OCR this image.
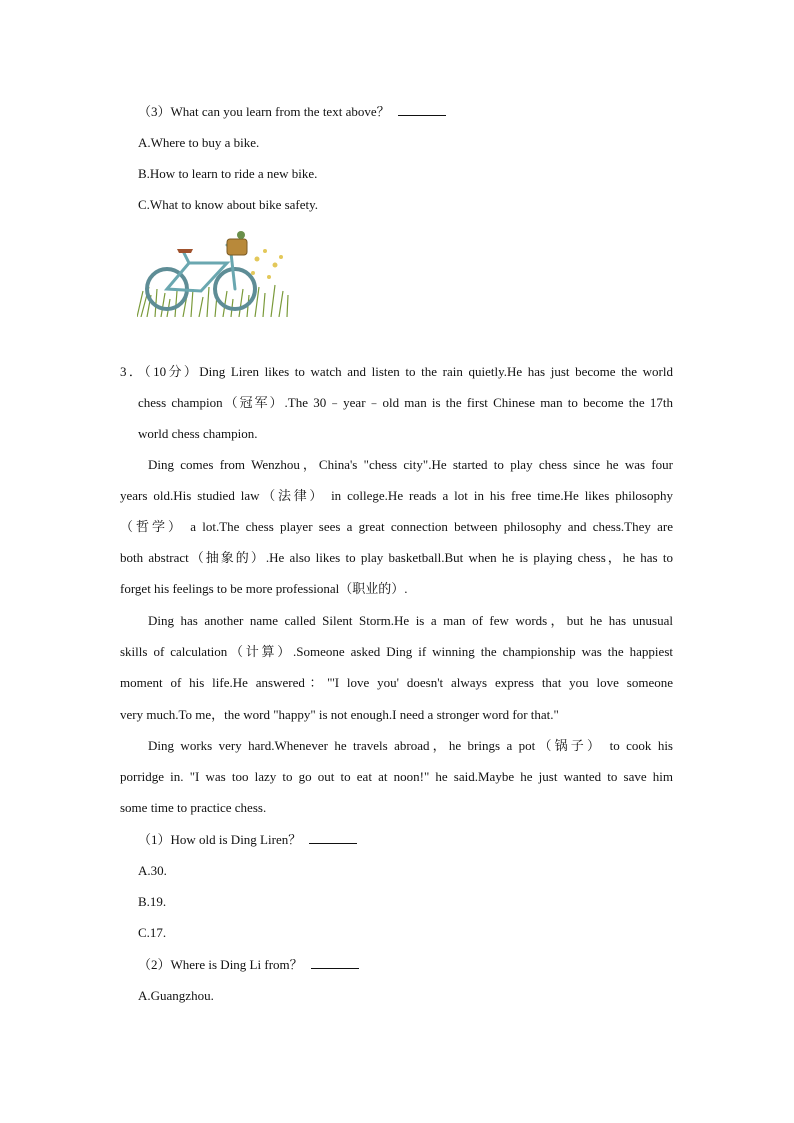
（3）What can you learn from the text above？
A.Where to buy a bike.
B.How to learn to ride a new bike.
C.What to know about bike safety.
3．（10分）Ding Liren likes to watch and listen to the rain quietly.He has just become the world
chess champion（冠军）.The 30﹣year﹣old man is the first Chinese man to become the 17th
world chess champion.
Ding comes from Wenzhou，China's "chess city".He started to play chess since he was four
years old.His studied law（法律） in college.He reads a lot in his free time.He likes philosophy
（哲学） a lot.The chess player sees a great connection between philosophy and chess.They are
both abstract（抽象的）.He also likes to play basketball.But when he is playing chess，he has to
forget his feelings to be more professional（职业的）.
Ding has another name called Silent Storm.He is a man of few words，but he has unusual
skills of calculation（计算）.Someone asked Ding if winning the championship was the happiest
moment of his life.He answered："'I love you' doesn't always express that you love someone
very much.To me，the word "happy" is not enough.I need a stronger word for that."
Ding works very hard.Whenever he travels abroad，he brings a pot（锅子） to cook his
porridge in. "I was too lazy to go out to eat at noon!" he said.Maybe he just wanted to save him
some time to practice chess.
（1）How old is Ding Liren？
A.30.
B.19.
C.17.
（2）Where is Ding Li from？
A.Guangzhou.
